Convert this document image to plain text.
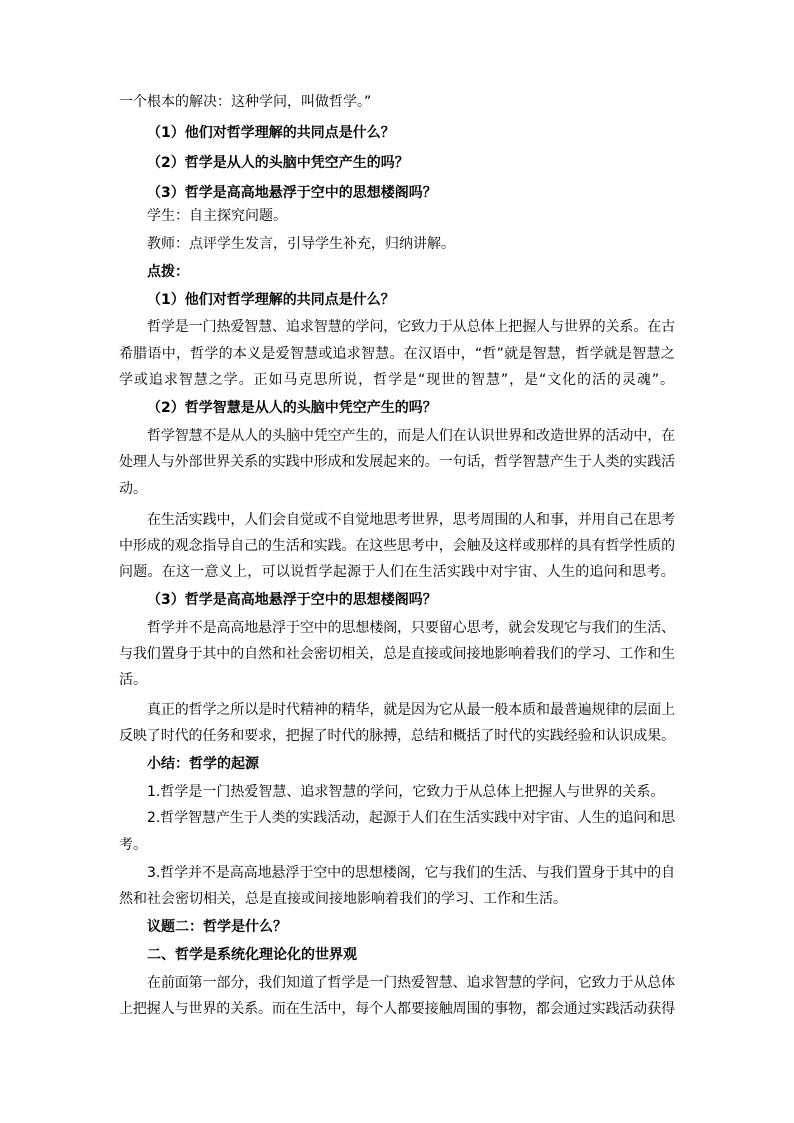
一个根本的解决：这种学问，叫做哲学。”
（1）他们对哲学理解的共同点是什么？
（2）哲学是从人的头脑中凭空产生的吗？
（3）哲学是高高地悬浮于空中的思想楼阁吗？
学生：自主探究问题。
教师：点评学生发言，引导学生补充，归纳讲解。
点拨：
（1）他们对哲学理解的共同点是什么？
哲学是一门热爱智慧、追求智慧的学问，它致力于从总体上把握人与世界的关系。在古
希腊语中，哲学的本义是爱智慧或追求智慧。在汉语中，“哲”就是智慧，哲学就是智慧之
学或追求智慧之学。正如马克思所说，哲学是“现世的智慧”，是“文化的活的灵魂”。
（2）哲学智慧是从人的头脑中凭空产生的吗？
哲学智慧不是从人的头脑中凭空产生的，而是人们在认识世界和改造世界的活动中，在
处理人与外部世界关系的实践中形成和发展起来的。一句话，哲学智慧产生于人类的实践活
动。
在生活实践中，人们会自觉或不自觉地思考世界，思考周围的人和事，并用自己在思考
中形成的观念指导自己的生活和实践。在这些思考中，会触及这样或那样的具有哲学性质的
问题。在这一意义上，可以说哲学起源于人们在生活实践中对宇宙、人生的追问和思考。
（3）哲学是高高地悬浮于空中的思想楼阁吗？
哲学并不是高高地悬浮于空中的思想楼阁，只要留心思考，就会发现它与我们的生活、
与我们置身于其中的自然和社会密切相关，总是直接或间接地影响着我们的学习、工作和生
活。
真正的哲学之所以是时代精神的精华，就是因为它从最一般本质和最普遍规律的层面上
反映了时代的任务和要求，把握了时代的脉搏，总结和概括了时代的实践经验和认识成果。
小结：哲学的起源
1.哲学是一门热爱智慧、追求智慧的学问，它致力于从总体上把握人与世界的关系。
2.哲学智慧产生于人类的实践活动，起源于人们在生活实践中对宇宙、人生的追问和思
考。
3.哲学并不是高高地悬浮于空中的思想楼阁，它与我们的生活、与我们置身于其中的自
然和社会密切相关，总是直接或间接地影响着我们的学习、工作和生活。
议题二：哲学是什么？
二、哲学是系统化理论化的世界观
在前面第一部分，我们知道了哲学是一门热爱智慧、追求智慧的学问，它致力于从总体
上把握人与世界的关系。而在生活中，每个人都要接触周围的事物，都会通过实践活动获得
